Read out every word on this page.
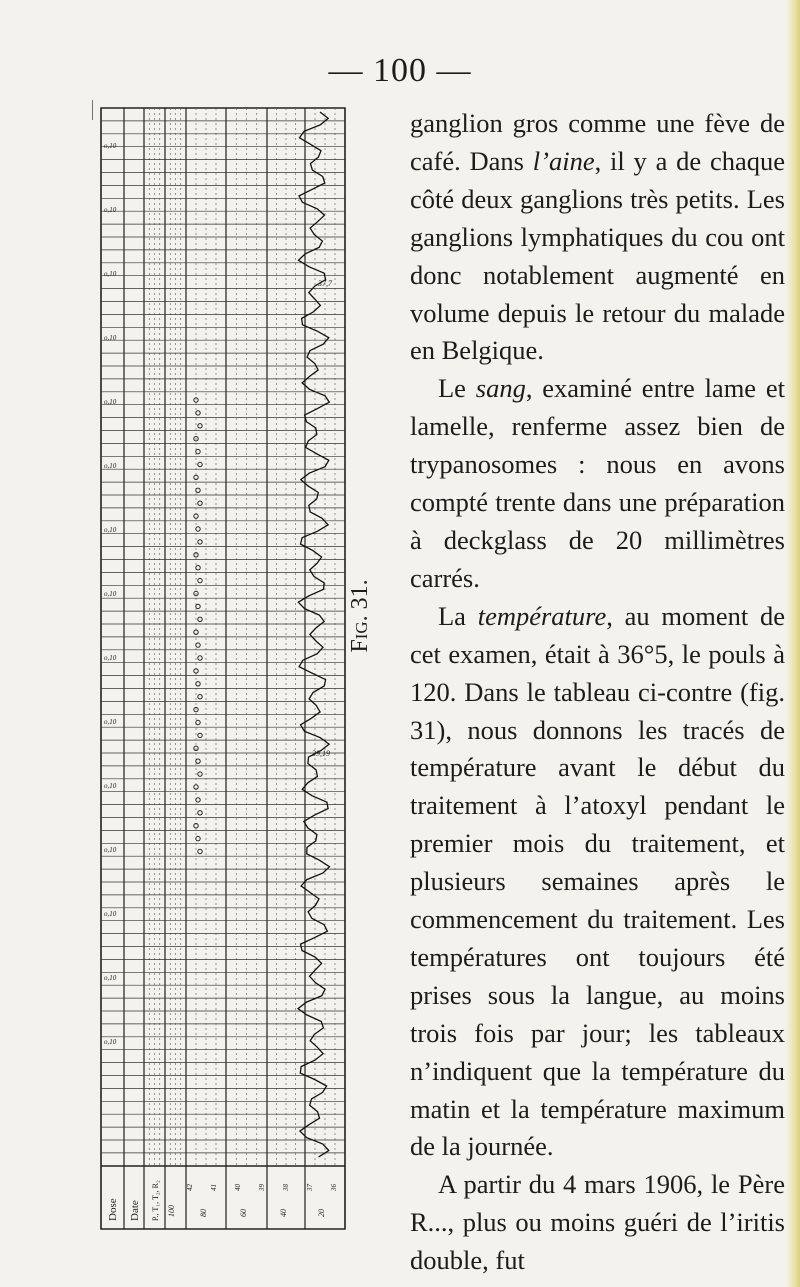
— 100 —
o,10
o,10
o,10
o,10
o,10
o,10
o,10
o,10
o,10
o,10
o,10
o,10
o,10
o,10
o,10
37,7
39,19
Dose Date P., T₁, T₂, R₂ 100	80	60	40	20
42 41 40 39 38 37 36
Fig. 31.

ganglion gros comme une fève de café. Dans l’aine, il y a de chaque côté deux ganglions très petits. Les ganglions lymphatiques du cou ont donc notablement augmenté en volume depuis le retour du malade en Belgique.

Le sang, examiné entre lame et lamelle, renferme assez bien de trypanosomes : nous en avons compté trente dans une préparation à deckglass de 20 millimètres carrés.

La température, au moment de cet examen, était à 36°5, le pouls à 120. Dans le tableau ci-contre (fig. 31), nous donnons les tracés de température avant le début du traitement à l’atoxyl pendant le premier mois du traitement, et plusieurs semaines après le commencement du traitement. Les températures ont toujours été prises sous la langue, au moins trois fois par jour; les tableaux n’indiquent que la température du matin et la température maximum de la journée.

A partir du 4 mars 1906, le Père R..., plus ou moins guéri de l’iritis double, fut
